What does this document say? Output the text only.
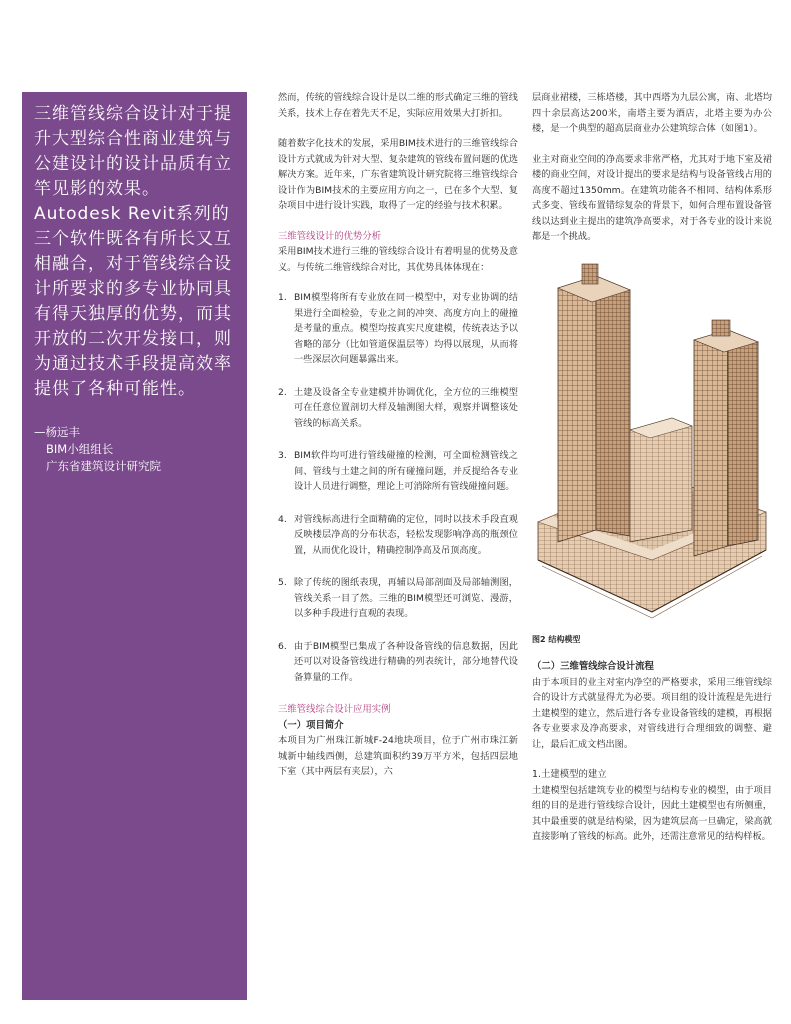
三维管线综合设计对于提升大型综合性商业建筑与公建设计的设计品质有立竿见影的效果。Autodesk Revit系列的三个软件既各有所长又互相融合，对于管线综合设计所要求的多专业协同具有得天独厚的优势，而其开放的二次开发接口，则为通过技术手段提高效率提供了各种可能性。

—杨远丰
BIM小组组长
广东省建筑设计研究院

然而，传统的管线综合设计是以二维的形式确定三维的管线关系，技术上存在着先天不足，实际应用效果大打折扣。

随着数字化技术的发展，采用BIM技术进行的三维管线综合设计方式就成为针对大型、复杂建筑的管线布置问题的优选解决方案。近年来，广东省建筑设计研究院将三维管线综合设计作为BIM技术的主要应用方向之一，已在多个大型、复杂项目中进行设计实践，取得了一定的经验与技术积累。

三维管线设计的优势分析

采用BIM技术进行三维的管线综合设计有着明显的优势及意义。与传统二维管线综合对比，其优势具体体现在：

1. BIM模型将所有专业放在同一模型中，对专业协调的结果进行全面检验，专业之间的冲突、高度方向上的碰撞是考量的重点。模型均按真实尺度建模，传统表达予以省略的部分（比如管道保温层等）均得以展现，从而将一些深层次问题暴露出来。
2. 土建及设备全专业建模并协调优化，全方位的三维模型可在任意位置剖切大样及轴测图大样，观察并调整该处管线的标高关系。
3. BIM软件均可进行管线碰撞的检测，可全面检测管线之间、管线与土建之间的所有碰撞问题，并反提给各专业设计人员进行调整，理论上可消除所有管线碰撞问题。
4. 对管线标高进行全面精确的定位，同时以技术手段直观反映楼层净高的分布状态，轻松发现影响净高的瓶颈位置，从而优化设计，精确控制净高及吊顶高度。
5. 除了传统的图纸表现，再辅以局部剖面及局部轴测图，管线关系一目了然。三维的BIM模型还可浏览、漫游，以多种手段进行直观的表现。
6. 由于BIM模型已集成了各种设备管线的信息数据，因此还可以对设备管线进行精确的列表统计，部分地替代设备算量的工作。
三维管线综合设计应用实例
（一）项目简介

本项目为广州珠江新城F-24地块项目，位于广州市珠江新城新中轴线西侧，总建筑面积约39万平方米，包括四层地下室（其中两层有夹层），六

层商业裙楼，三栋塔楼，其中西塔为九层公寓，南、北塔均四十余层高达200米，南塔主要为酒店，北塔主要为办公楼，是一个典型的超高层商业办公建筑综合体（如图1）。

业主对商业空间的净高要求非常严格，尤其对于地下室及裙楼的商业空间，对设计提出的要求是结构与设备管线占用的高度不超过1350mm。在建筑功能各不相同、结构体系形式多变、管线布置错综复杂的背景下，如何合理布置设备管线以达到业主提出的建筑净高要求，对于各专业的设计来说都是一个挑战。

图2 结构模型
（二）三维管线综合设计流程

由于本项目的业主对室内净空的严格要求，采用三维管线综合的设计方式就显得尤为必要。项目组的设计流程是先进行土建模型的建立，然后进行各专业设备管线的建模，再根据各专业要求及净高要求，对管线进行合理细致的调整、避让，最后汇成文档出图。

1.土建模型的建立

土建模型包括建筑专业的模型与结构专业的模型，由于项目组的目的是进行管线综合设计，因此土建模型也有所侧重，其中最重要的就是结构梁，因为建筑层高一旦确定，梁高就直接影响了管线的标高。此外，还需注意常见的结构样板。
